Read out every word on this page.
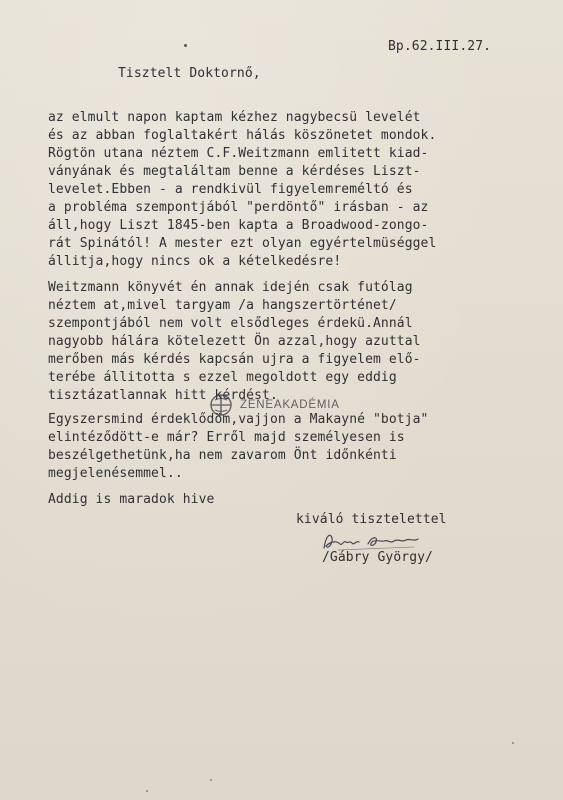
Bp.62.III.27.
Tisztelt Doktornő,
az elmult napon kaptam kézhez nagybecsü levelét
és az abban foglaltakért hálás köszönetet mondok.
Rögtön utana néztem C.F.Weitzmann emlitett kiad-
ványának és megtaláltam benne a kérdéses Liszt-
levelet.Ebben - a rendkivül figyelemreméltó és
a probléma szempontjából "perdöntő" irásban - az
áll,hogy Liszt 1845-ben kapta a Broadwood-zongo-
rát Spinától! A mester ezt olyan egyértelmüséggel
állitja,hogy nincs ok a kételkedésre!
Weitzmann könyvét én annak idején csak futólag
néztem at,mivel targyam /a hangszertörténet/
szempontjából nem volt elsődleges érdekü.Annál
nagyobb hálára kötelezett Ön azzal,hogy azuttal
merőben más kérdés kapcsán ujra a figyelem elő-
terébe állitotta s ezzel megoldott egy eddig
tisztázatlannak hitt kérdést.
ZENEAKADÉMIA
Egyszersmind érdeklődöm,vajjon a Makayné "botja"
elintéződött-e már? Erről majd személyesen is
beszélgethetünk,ha nem zavarom Önt időnkénti
megjelenésemmel..
Addig is maradok hive
kiváló tisztelettel
/Gábry György/
